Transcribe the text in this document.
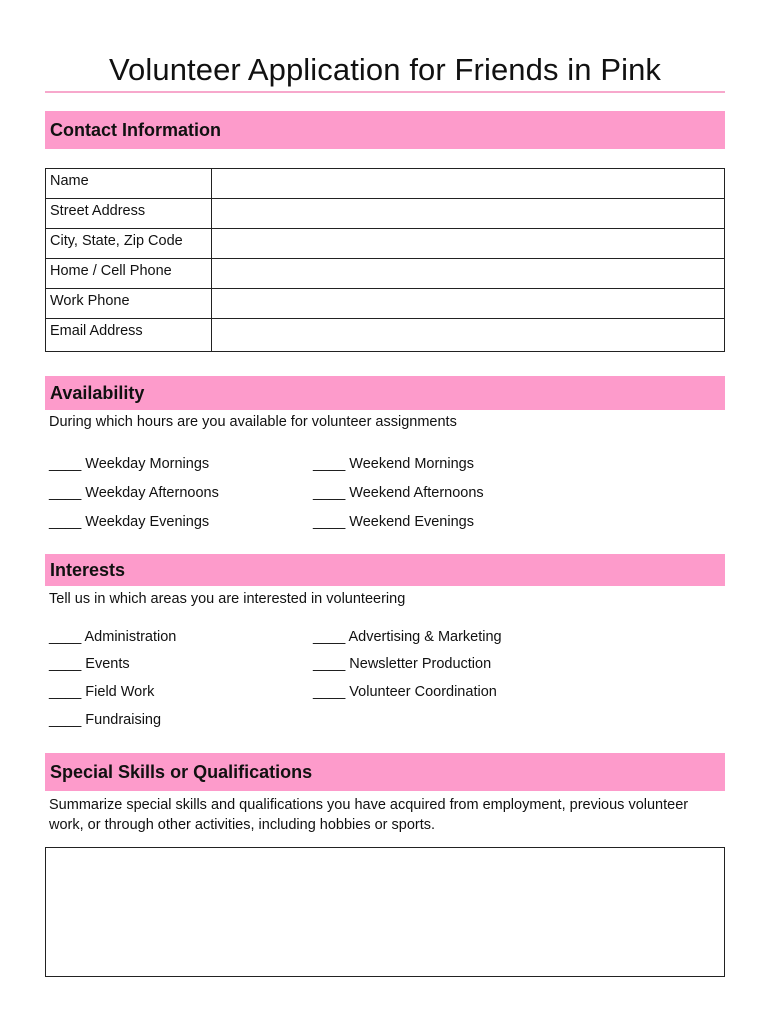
Volunteer Application for Friends in Pink
Contact Information
Name	
Street Address	
City, State, Zip Code	
Home / Cell Phone	
Work Phone	
Email Address	
Availability
During which hours are you available for volunteer assignments
____ Weekday Mornings	____ Weekend Mornings
____ Weekday Afternoons	____ Weekend Afternoons
____ Weekday Evenings	____ Weekend Evenings
Interests
Tell us in which areas you are interested in volunteering
____ Administration	____ Advertising & Marketing
____ Events	____ Newsletter Production
____ Field Work	____ Volunteer Coordination
____ Fundraising
Special Skills or Qualifications
Summarize special skills and qualifications you have acquired from employment, previous volunteer
work, or through other activities, including hobbies or sports.
